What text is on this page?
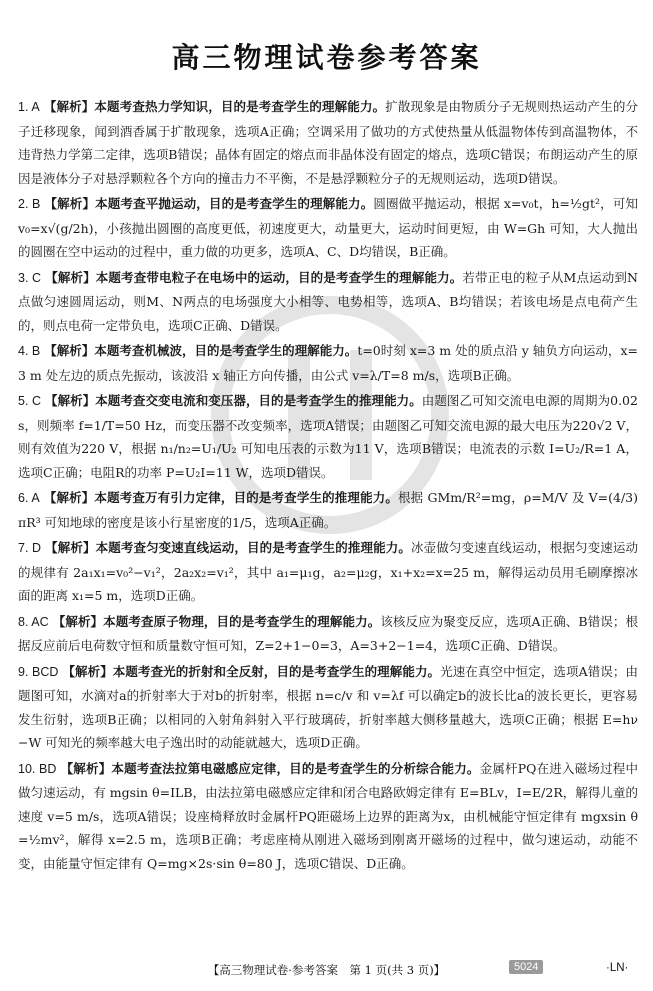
高三物理试卷参考答案
1. A 【解析】本题考查热力学知识，目的是考查学生的理解能力。扩散现象是由物质分子无规则热运动产生的分子迁移现象，闻到酒香属于扩散现象，选项A正确；空调采用了做功的方式使热量从低温物体传到高温物体，不违背热力学第二定律，选项B错误；晶体有固定的熔点而非晶体没有固定的熔点，选项C错误；布朗运动产生的原因是液体分子对悬浮颗粒各个方向的撞击力不平衡，不是悬浮颗粒分子的无规则运动，选项D错误。
2. B 【解析】本题考查平抛运动，目的是考查学生的理解能力。圆圈做平抛运动，根据 x=v₀t，h=½gt²，可知 v₀=x√(g/2h)，小孩抛出圆圈的高度更低，初速度更大，动量更大，运动时间更短，由 W=Gh 可知，大人抛出的圆圈在空中运动的过程中，重力做的功更多，选项A、C、D均错误，B正确。
3. C 【解析】本题考查带电粒子在电场中的运动，目的是考查学生的理解能力。若带正电的粒子从M点运动到N点做匀速圆周运动，则M、N两点的电场强度大小相等、电势相等，选项A、B均错误；若该电场是点电荷产生的，则点电荷一定带负电，选项C正确、D错误。
4. B 【解析】本题考查机械波，目的是考查学生的理解能力。t=0时刻 x=3 m 处的质点沿 y 轴负方向运动，x=3 m 处左边的质点先振动，该波沿 x 轴正方向传播，由公式 v=λ/T=8 m/s，选项B正确。
5. C 【解析】本题考查交变电流和变压器，目的是考查学生的推理能力。由题图乙可知交流电电源的周期为0.02 s，则频率 f=1/T=50 Hz，而变压器不改变频率，选项A错误；由题图乙可知交流电源的最大电压为220√2 V，则有效值为220 V，根据 n₁/n₂=U₁/U₂ 可知电压表的示数为11 V，选项B错误；电流表的示数 I=U₂/R=1 A，选项C正确；电阻R的功率 P=U₂I=11 W，选项D错误。
6. A 【解析】本题考查万有引力定律，目的是考查学生的推理能力。根据 GMm/R²=mg，ρ=M/V 及 V=(4/3)πR³ 可知地球的密度是该小行星密度的1/5，选项A正确。
7. D 【解析】本题考查匀变速直线运动，目的是考查学生的推理能力。冰壶做匀变速直线运动，根据匀变速运动的规律有 2a₁x₁=v₀²−v₁²，2a₂x₂=v₁²，其中 a₁=μ₁g，a₂=μ₂g，x₁+x₂=x=25 m，解得运动员用毛刷摩擦冰面的距离 x₁=5 m，选项D正确。
8. AC 【解析】本题考查原子物理，目的是考查学生的理解能力。该核反应为聚变反应，选项A正确、B错误；根据反应前后电荷数守恒和质量数守恒可知，Z=2+1−0=3，A=3+2−1=4，选项C正确、D错误。
9. BCD 【解析】本题考查光的折射和全反射，目的是考查学生的理解能力。光速在真空中恒定，选项A错误；由题图可知，水滴对a的折射率大于对b的折射率，根据 n=c/v 和 v=λf 可以确定b的波长比a的波长更长，更容易发生衍射，选项B正确；以相同的入射角斜射入平行玻璃砖，折射率越大侧移量越大，选项C正确；根据 E=hν−W 可知光的频率越大电子逸出时的动能就越大，选项D正确。
10. BD 【解析】本题考查法拉第电磁感应定律，目的是考查学生的分析综合能力。金属杆PQ在进入磁场过程中做匀速运动，有 mgsin θ=ILB，由法拉第电磁感应定律和闭合电路欧姆定律有 E=BLv，I=E/2R，解得儿童的速度 v=5 m/s，选项A错误；设座椅释放时金属杆PQ距磁场上边界的距离为x，由机械能守恒定律有 mgxsin θ=½mv²，解得 x=2.5 m，选项B正确；考虑座椅从刚进入磁场到刚离开磁场的过程中，做匀速运动，动能不变，由能量守恒定律有 Q=mg×2s·sin θ=80 J，选项C错误、D正确。
【高三物理试卷·参考答案　第 1 页(共 3 页)】	5024	·LN·
